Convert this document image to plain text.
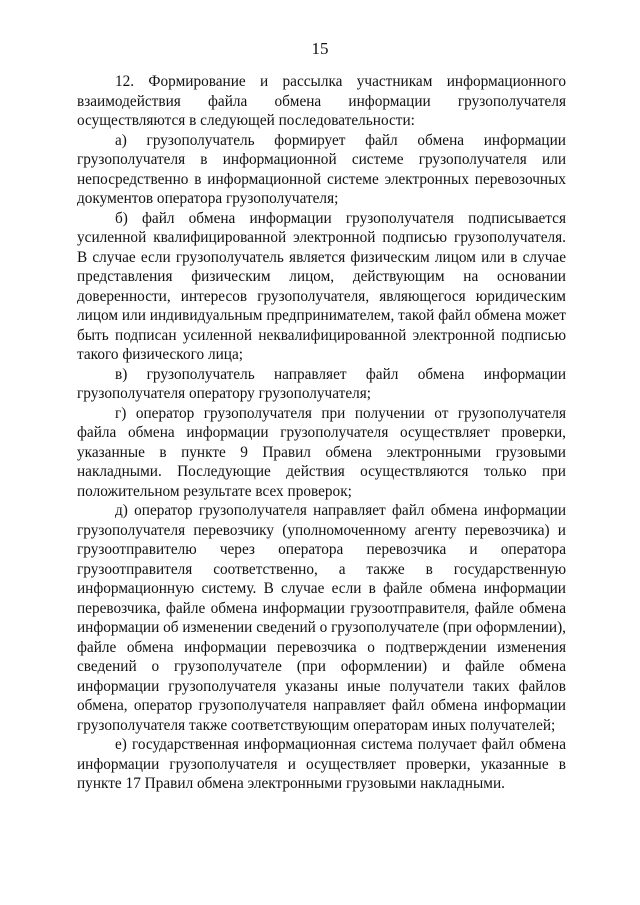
15

12. Формирование и рассылка участникам информационного взаимодействия файла обмена информации грузополучателя осуществляются в следующей последовательности:

а) грузополучатель формирует файл обмена информации грузополучателя в информационной системе грузополучателя или непосредственно в информационной системе электронных перевозочных документов оператора грузополучателя;

б) файл обмена информации грузополучателя подписывается усиленной квалифицированной электронной подписью грузополучателя. В случае если грузополучатель является физическим лицом или в случае представления физическим лицом, действующим на основании доверенности, интересов грузополучателя, являющегося юридическим лицом или индивидуальным предпринимателем, такой файл обмена может быть подписан усиленной неквалифицированной электронной подписью такого физического лица;

в) грузополучатель направляет файл обмена информации грузополучателя оператору грузополучателя;

г) оператор грузополучателя при получении от грузополучателя файла обмена информации грузополучателя осуществляет проверки, указанные в пункте 9 Правил обмена электронными грузовыми накладными. Последующие действия осуществляются только при положительном результате всех проверок;

д) оператор грузополучателя направляет файл обмена информации грузополучателя перевозчику (уполномоченному агенту перевозчика) и грузоотправителю через оператора перевозчика и оператора грузоотправителя соответственно, а также в государственную информационную систему. В случае если в файле обмена информации перевозчика, файле обмена информации грузоотправителя, файле обмена информации об изменении сведений о грузополучателе (при оформлении), файле обмена информации перевозчика о подтверждении изменения сведений о грузополучателе (при оформлении) и файле обмена информации грузополучателя указаны иные получатели таких файлов обмена, оператор грузополучателя направляет файл обмена информации грузополучателя также соответствующим операторам иных получателей;

е) государственная информационная система получает файл обмена информации грузополучателя и осуществляет проверки, указанные в пункте 17 Правил обмена электронными грузовыми накладными.
